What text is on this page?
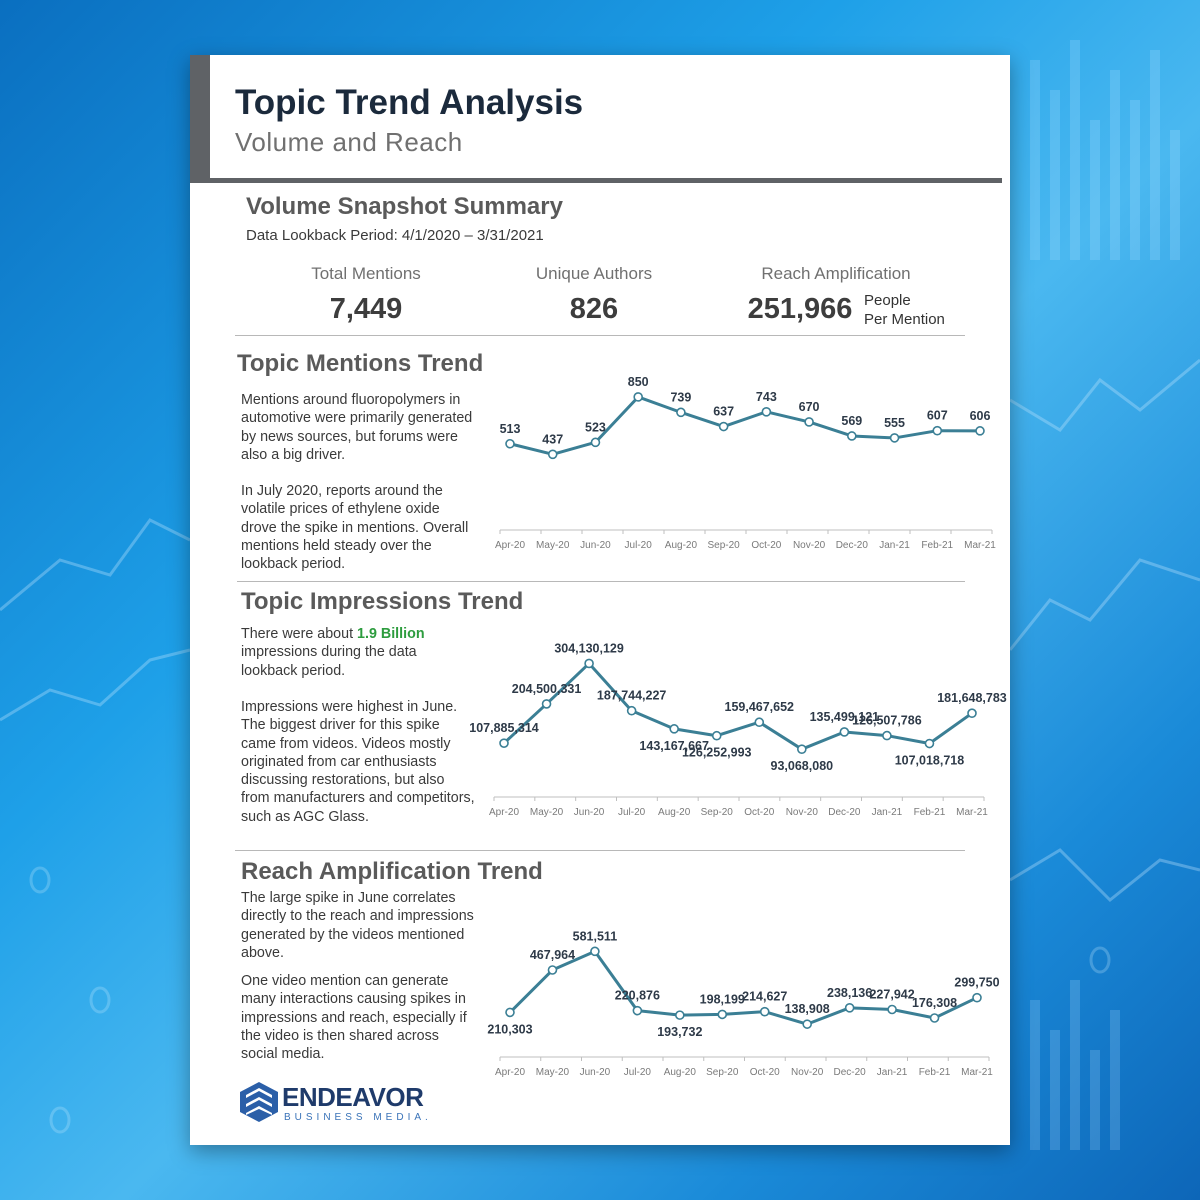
Topic Trend Analysis
Volume and Reach
Volume Snapshot Summary
Data Lookback Period: 4/1/2020 – 3/31/2021
Total Mentions
7,449
Unique Authors
826
Reach Amplification
251,966 People
Per Mention
Topic Mentions Trend
Mentions around fluoropolymers in automotive were primarily generated by news sources, but forums were also a big driver.
In July 2020, reports around the volatile prices of ethylene oxide drove the spike in mentions. Overall mentions held steady over the lookback period.
513
Apr-20
437
May-20
523
Jun-20
850
Jul-20
739
Aug-20
637
Sep-20
743
Oct-20
670
Nov-20
569
Dec-20
555
Jan-21
607
Feb-21
606
Mar-21
Topic Impressions Trend
There were about 1.9 Billion impressions during the data lookback period.
Impressions were highest in June. The biggest driver for this spike came from videos. Videos mostly originated from car enthusiasts discussing restorations, but also from manufacturers and competitors, such as AGC Glass.
107,885,314
Apr-20
204,500,331
May-20
304,130,129
Jun-20
187,744,227
Jul-20
143,167,667
Aug-20
126,252,993
Sep-20
159,467,652
Oct-20
93,068,080
Nov-20
135,499,121
Dec-20
126,507,786
Jan-21
107,018,718
Feb-21
181,648,783
Mar-21
Reach Amplification Trend
The large spike in June correlates directly to the reach and impressions generated by the videos mentioned above.
One video mention can generate many interactions causing spikes in impressions and reach, especially if the video is then shared across social media.
210,303
Apr-20
467,964
May-20
581,511
Jun-20
220,876
Jul-20
193,732
Aug-20
198,199
Sep-20
214,627
Oct-20
138,908
Nov-20
238,136
Dec-20
227,942
Jan-21
176,308
Feb-21
299,750
Mar-21
ENDEAVOR
BUSINESS MEDIA.
